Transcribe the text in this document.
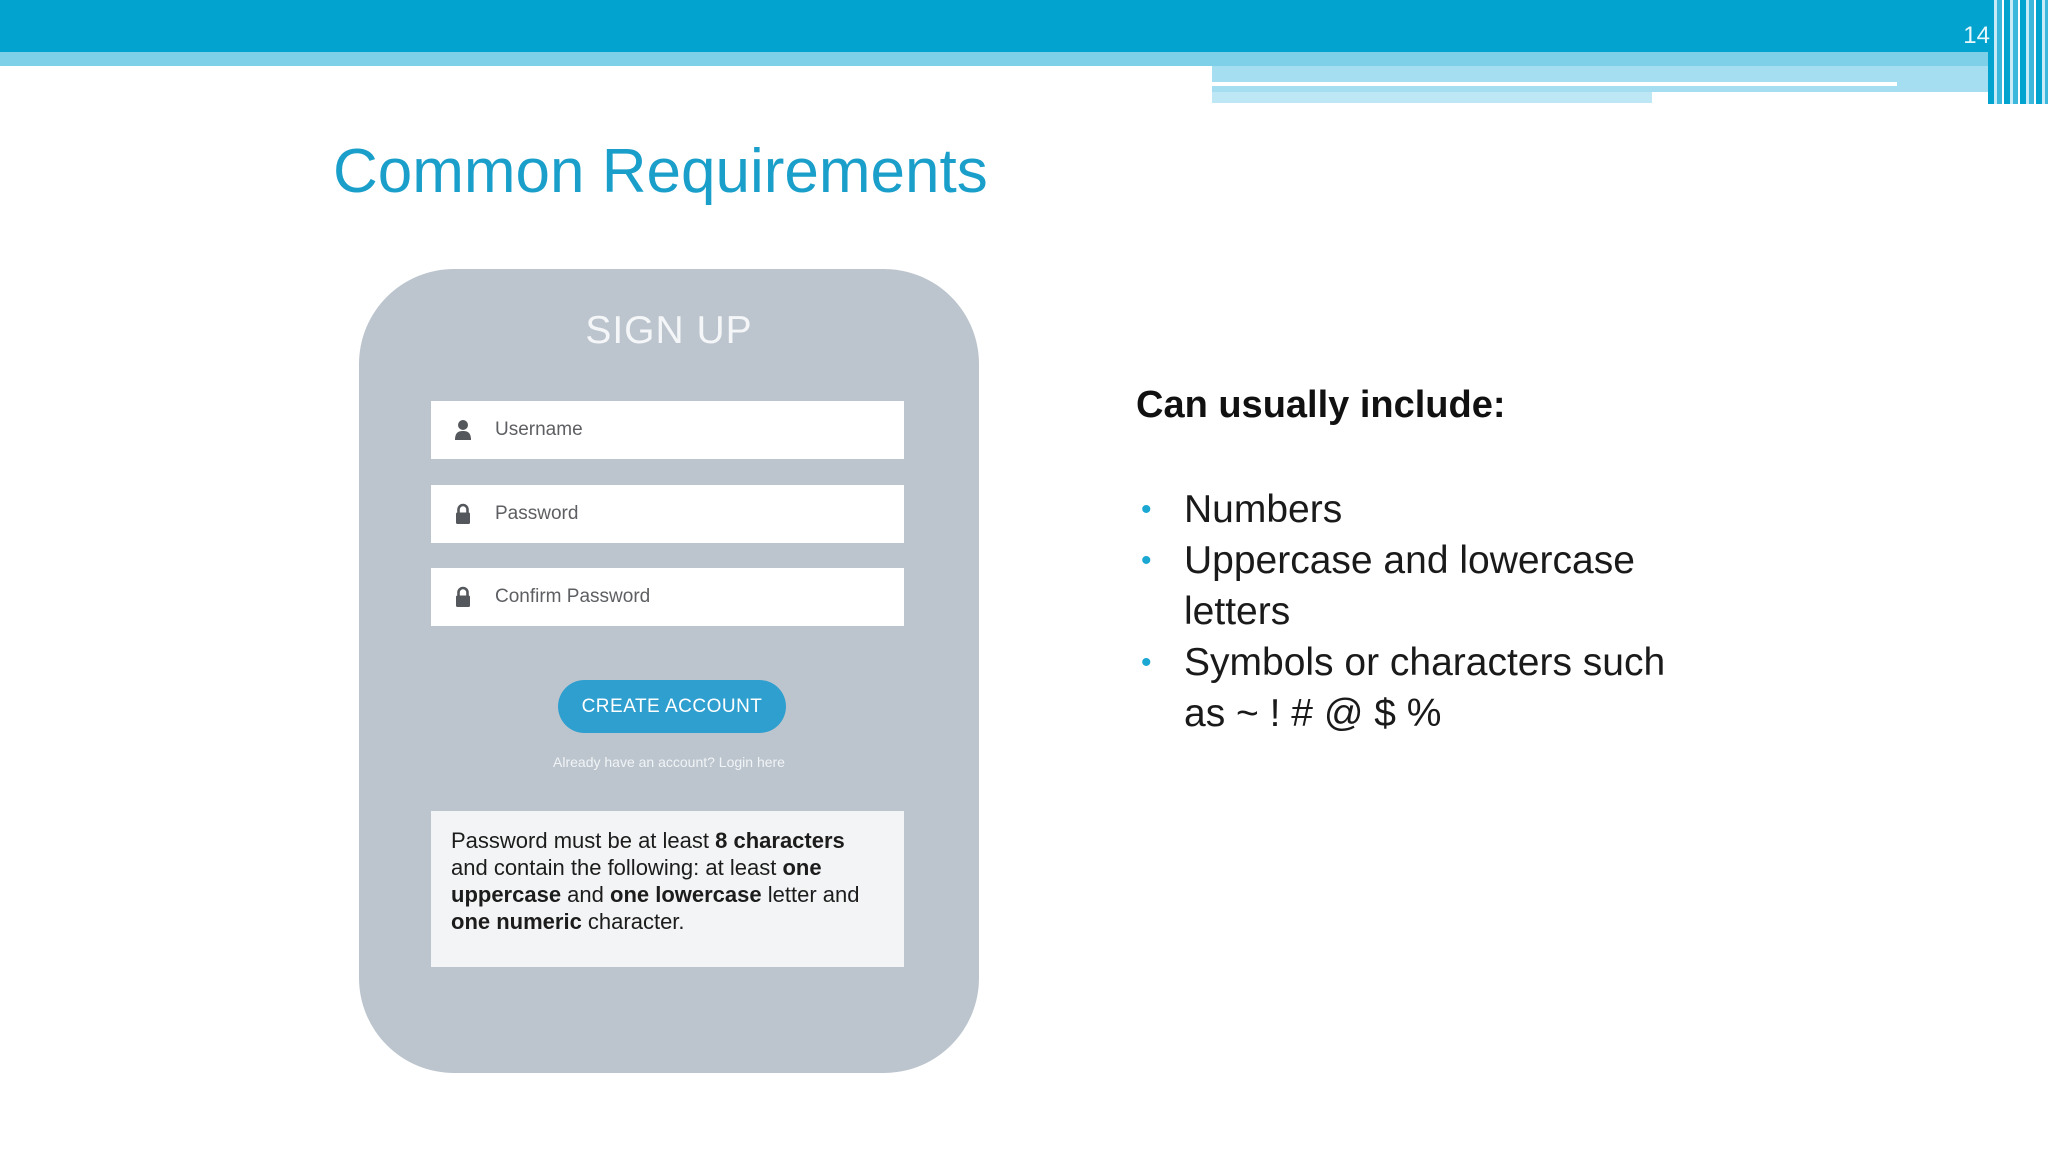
14
Common Requirements
SIGN UP
Username
Password
Confirm Password
CREATE ACCOUNT
Already have an account? Login here
Password must be at least 8 characters and contain the following: at least one uppercase and one lowercase letter and one numeric character.
Can usually include:
• Numbers
• Uppercase and lowercase letters
• Symbols or characters such as ~ ! # @ $ %
